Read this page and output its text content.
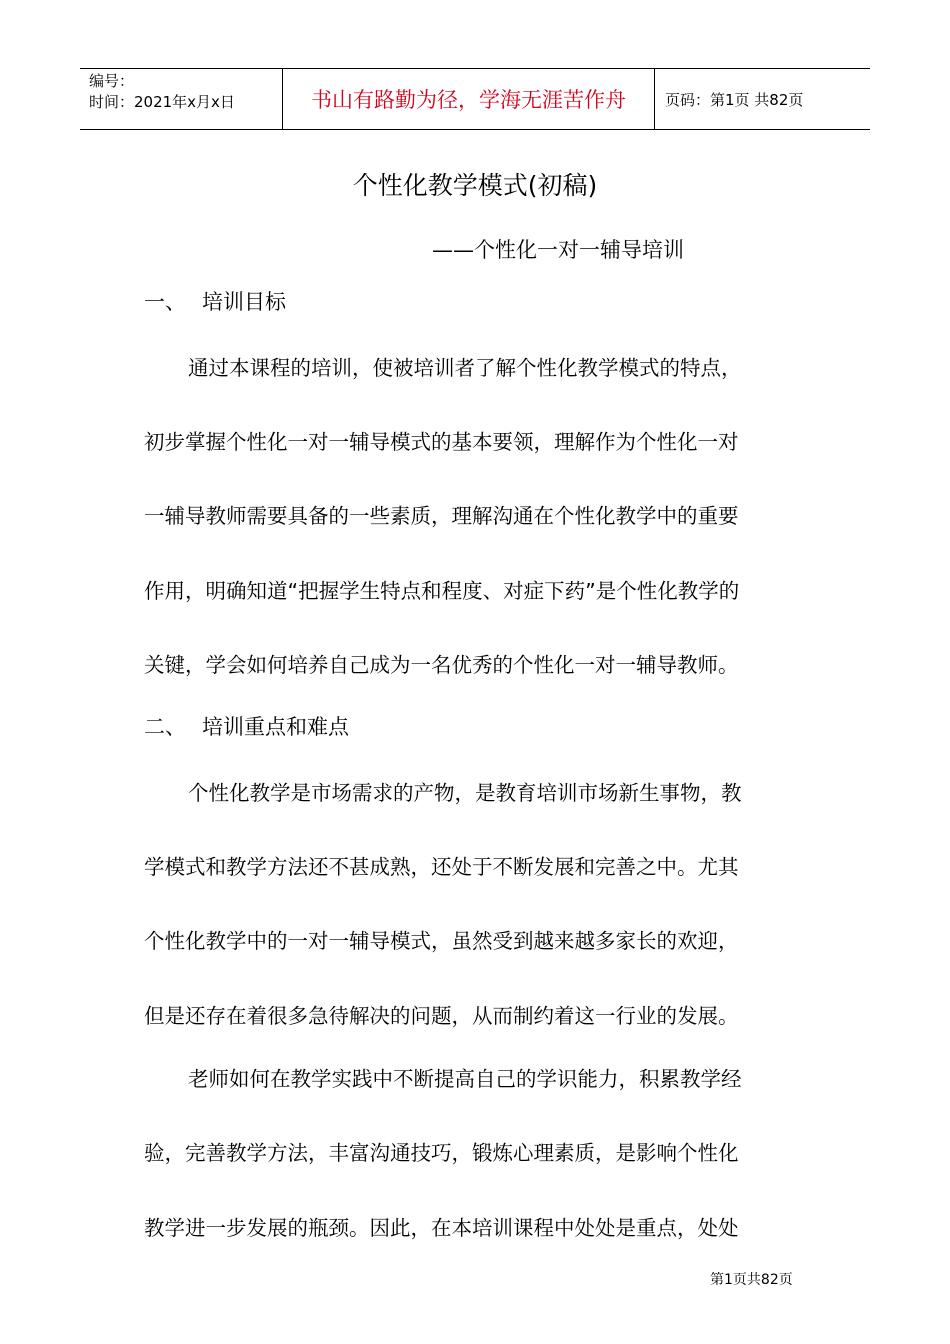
编号：
时间：2021年x月x日	书山有路勤为径，学海无涯苦作舟	页码：第1页 共82页
个性化教学模式(初稿)
——个性化一对一辅导培训
一、 培训目标
通过本课程的培训，使被培训者了解个性化教学模式的特点，
初步掌握个性化一对一辅导模式的基本要领，理解作为个性化一对
一辅导教师需要具备的一些素质，理解沟通在个性化教学中的重要
作用，明确知道“把握学生特点和程度、对症下药”是个性化教学的
关键，学会如何培养自己成为一名优秀的个性化一对一辅导教师。
二、 培训重点和难点
个性化教学是市场需求的产物，是教育培训市场新生事物，教
学模式和教学方法还不甚成熟，还处于不断发展和完善之中。尤其
个性化教学中的一对一辅导模式，虽然受到越来越多家长的欢迎，
但是还存在着很多急待解决的问题，从而制约着这一行业的发展。
老师如何在教学实践中不断提高自己的学识能力，积累教学经
验，完善教学方法，丰富沟通技巧，锻炼心理素质，是影响个性化
教学进一步发展的瓶颈。因此，在本培训课程中处处是重点，处处
第1页共82页
